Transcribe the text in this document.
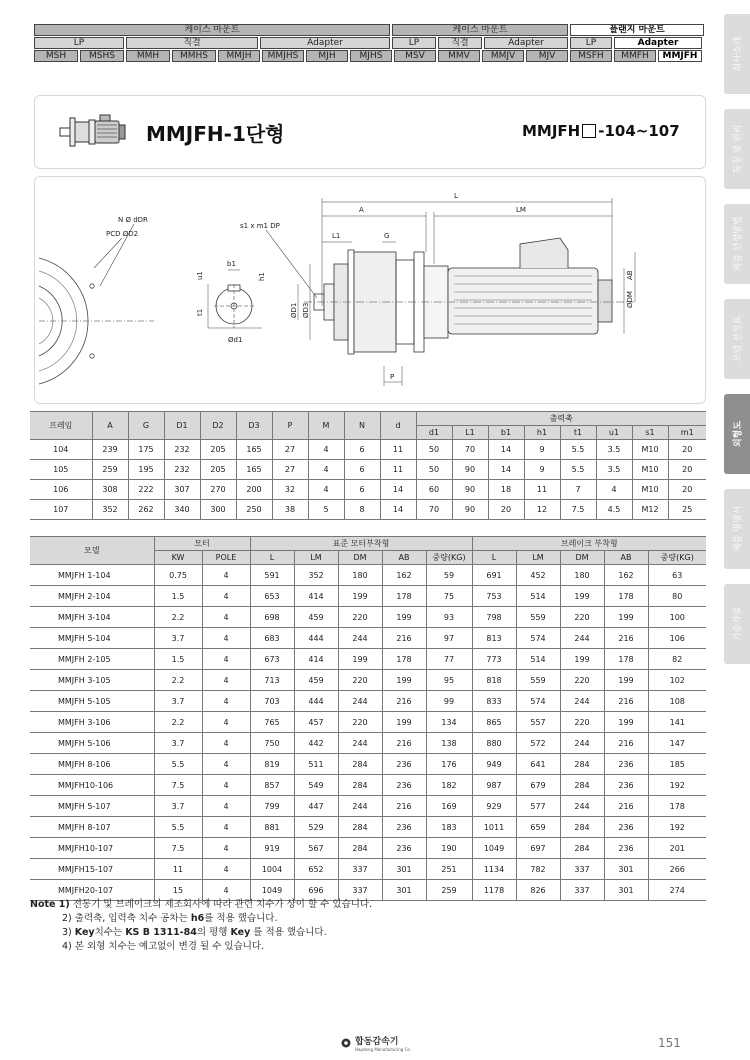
케이스 마운트	케이스 마운트	플랜지 마운트
LP	직결	Adapter	LP	직결	Adapter	LP	Adapter
MSH	MSHS	MMH	MMHS	MMJH	MMJHS	MJH	MJHS	MSV	MMV	MMJV	MJV	MSFH	MMFH	MMJFH	회사소개
특징 및 원리
제품 선정방법
모델 선정표
외형도
제품 명명서
기술자료
MMJFH-1단형	MMJFH -104~107
N Ø dDR
PCD ØD2
b1
h1
u1
t1
Ød1
s1 x m1 DP
L
A	LM
L1	G
ØDM
AB
ØD1 ØD3
P
프레임	A	G	D1	D2	D3	P	M	N	d	출력축							
										d1	L1	b1	h1	t1	u1	s1	m1
104	239	175	232	205	165	27	4	6	11	50	70	14	9	5.5	3.5	M10	20
105	259	195	232	205	165	27	4	6	11	50	90	14	9	5.5	3.5	M10	20
106	308	222	307	270	200	32	4	6	14	60	90	18	11	7	4	M10	20
107	352	262	340	300	250	38	5	8	14	70	90	20	12	7.5	4.5	M12	25
모델	모터		표준 모터부착형					브레이크 부착형				
	KW	POLE	L	LM	DM	AB	중량(KG)	L	LM	DM	AB	중량(KG)
MMJFH 1-104	0.75	4	591	352	180	162	59	691	452	180	162	63
MMJFH 2-104	1.5	4	653	414	199	178	75	753	514	199	178	80
MMJFH 3-104	2.2	4	698	459	220	199	93	798	559	220	199	100
MMJFH 5-104	3.7	4	683	444	244	216	97	813	574	244	216	106
MMJFH 2-105	1.5	4	673	414	199	178	77	773	514	199	178	82
MMJFH 3-105	2.2	4	713	459	220	199	95	818	559	220	199	102
MMJFH 5-105	3.7	4	703	444	244	216	99	833	574	244	216	108
MMJFH 3-106	2.2	4	765	457	220	199	134	865	557	220	199	141
MMJFH 5-106	3.7	4	750	442	244	216	138	880	572	244	216	147
MMJFH 8-106	5.5	4	819	511	284	236	176	949	641	284	236	185
MMJFH10-106	7.5	4	857	549	284	236	182	987	679	284	236	192
MMJFH 5-107	3.7	4	799	447	244	216	169	929	577	244	216	178
MMJFH 8-107	5.5	4	881	529	284	236	183	1011	659	284	236	192
MMJFH10-107	7.5	4	919	567	284	236	190	1049	697	284	236	201
MMJFH15-107	11	4	1004	652	337	301	251	1134	782	337	301	266
MMJFH20-107	15	4	1049	696	337	301	259	1178	826	337	301	274
Note 1) 전동기 및 브레이크의 제조회사에 따라 관련 치수가 상이 할 수 있습니다.
2) 출력축, 입력축 치수 공차는 h6를 적용 했습니다.
3) Key치수는 KS B 1311-84의 평행 Key 를 적용 했습니다.
4) 본 외형 치수는 예고없이 변경 될 수 있습니다.
합동감속기
Hapdong Manufacturing Co.	151
